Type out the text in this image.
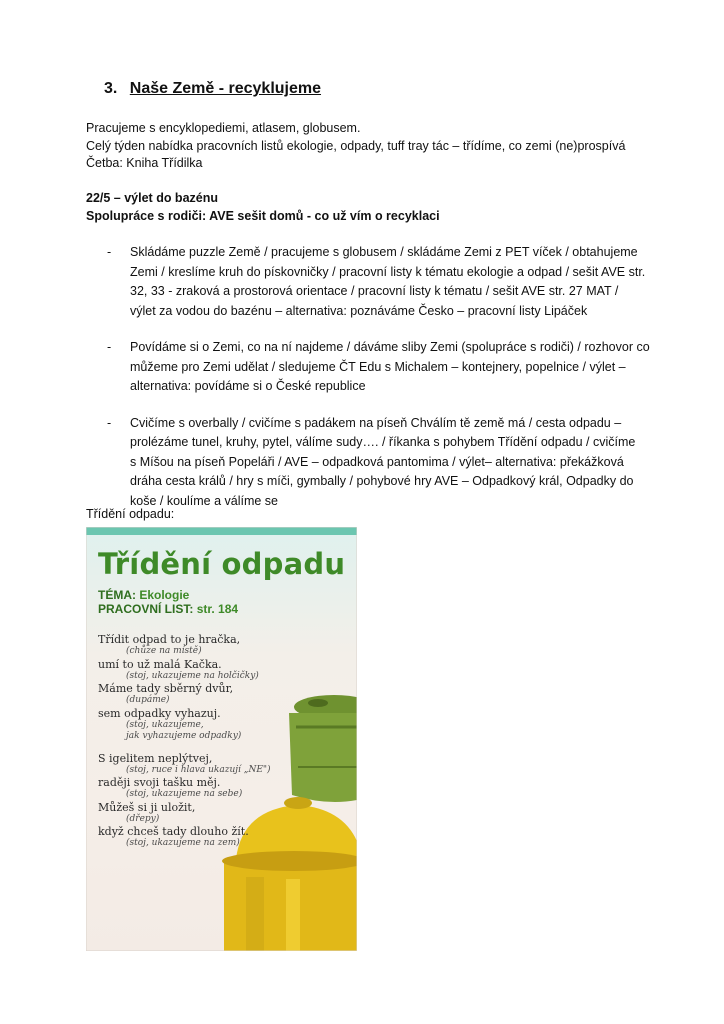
3. Naše Země - recyklujeme
Pracujeme s encyklopediemi, atlasem, globusem.
Celý týden nabídka pracovních listů ekologie, odpady, tuff tray tác – třídíme, co zemi (ne)prospívá
Četba: Kniha Třídilka
22/5 – výlet do bazénu
Spolupráce s rodiči: AVE sešit domů - co už vím o recyklaci
- Skládáme puzzle Země / pracujeme s globusem / skládáme Zemi z PET víček / obtahujeme
Zemi / kreslíme kruh do pískovničky / pracovní listy k tématu ekologie a odpad / sešit AVE str.
32, 33 - zraková a prostorová orientace / pracovní listy k tématu / sešit AVE str. 27 MAT /
výlet za vodou do bazénu – alternativa: poznáváme Česko – pracovní listy Lipáček
- Povídáme si o Zemi, co na ní najdeme / dáváme sliby Zemi (spolupráce s rodiči) / rozhovor co
můžeme pro Zemi udělat / sledujeme ČT Edu s Michalem – kontejnery, popelnice / výlet –
alternativa: povídáme si o České republice
- Cvičíme s overbally / cvičíme s padákem na píseň Chválím tě země má / cesta odpadu –
prolézáme tunel, kruhy, pytel, válíme sudy…. / říkanka s pohybem Třídění odpadu / cvičíme
s Míšou na píseň Popeláři / AVE – odpadková pantomima / výlet– alternativa: překážková
dráha cesta králů / hry s míči, gymbally / pohybové hry AVE – Odpadkový král, Odpadky do
koše / koulíme a válíme se
Třídění odpadu:
Třídění odpadu
TÉMA: Ekologie
PRACOVNÍ LIST: str. 184
Třídit odpad to je hračka,
(chůze na místě)
umí to už malá Kačka.
(stoj, ukazujeme na holčičky)
Máme tady sběrný dvůr,
(dupáme)
sem odpadky vyhazuj.
(stoj, ukazujeme,
jak vyhazujeme odpadky)
S igelitem neplýtvej,
(stoj, ruce i hlava ukazují „NE")
raději svoji tašku měj.
(stoj, ukazujeme na sebe)
Můžeš si ji uložit,
(dřepy)
když chceš tady dlouho žít.
(stoj, ukazujeme na zem)
